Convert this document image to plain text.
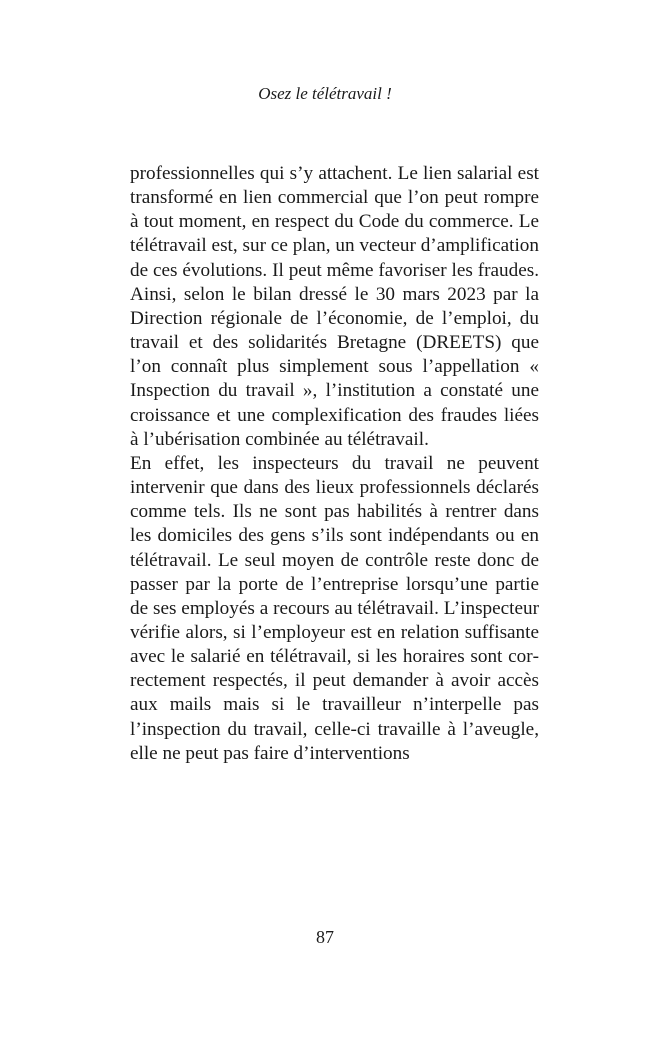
Osez le télétravail !

professionnelles qui s’y attachent. Le lien salarial est transformé en lien commercial que l’on peut rompre à tout moment, en respect du Code du commerce. Le télétravail est, sur ce plan, un vecteur d’amplification de ces évolutions. Il peut même favoriser les fraudes. Ainsi, selon le bilan dressé le 30 mars 2023 par la Direction régionale de l’économie, de l’emploi, du travail et des solidarités Bretagne (DREETS) que l’on connaît plus simplement sous l’appellation « Inspection du travail », l’institution a constaté une croissance et une complexification des fraudes liées à l’ubérisation combinée au télétravail.

En effet, les inspecteurs du travail ne peuvent intervenir que dans des lieux professionnels déclarés comme tels. Ils ne sont pas habilités à rentrer dans les domiciles des gens s’ils sont indépendants ou en télétravail. Le seul moyen de contrôle reste donc de passer par la porte de l’entreprise lorsqu’une partie de ses employés a recours au télétravail. L’inspecteur vérifie alors, si l’employeur est en relation suffisante avec le salarié en télétravail, si les horaires sont correctement respectés, il peut demander à avoir accès aux mails mais si le travailleur n’interpelle pas l’inspection du travail, celle-ci travaille à l’aveugle, elle ne peut pas faire d’interventions

87
